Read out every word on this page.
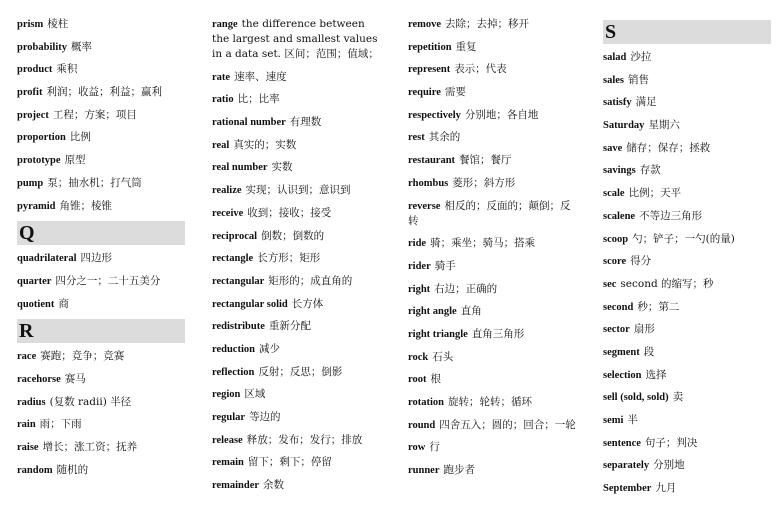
prism 棱柱
probability 概率
product 乘积
profit 利润；收益；利益；赢利
project 工程；方案；项目
proportion 比例
prototype 原型
pump 泵；抽水机；打气筒
pyramid 角锥；棱锥
Q
quadrilateral 四边形
quarter 四分之一；二十五美分
quotient 商
R
race 赛跑；竞争；竞赛
racehorse 赛马
radius (复数 radii) 半径
rain 雨；下雨
raise 增长；涨工资；抚养
random 随机的
range the difference between the largest and smallest values in a data set. 区间；范围；值域；
rate 速率、速度
ratio 比；比率
rational number 有理数
real 真实的；实数
real number 实数
realize 实现；认识到；意识到
receive 收到；接收；接受
reciprocal 倒数；倒数的
rectangle 长方形；矩形
rectangular 矩形的；成直角的
rectangular solid 长方体
redistribute 重新分配
reduction 减少
reflection 反射；反思；倒影
region 区域
regular 等边的
release 释放；发布；发行；排放
remain 留下；剩下；停留
remainder 余数
remove 去除；去掉；移开
repetition 重复
represent 表示；代表
require 需要
respectively 分别地；各自地
rest 其余的
restaurant 餐馆；餐厅
rhombus 菱形；斜方形
reverse 相反的；反面的；颠倒；反转
ride 骑；乘坐；骑马；搭乘
rider 骑手
right 右边；正确的
right angle 直角
right triangle 直角三角形
rock 石头
root 根
rotation 旋转；轮转；循环
round 四舍五入；圆的；回合；一轮
row 行
runner 跑步者
S
salad 沙拉
sales 销售
satisfy 满足
Saturday 星期六
save 储存；保存；拯救
savings 存款
scale 比例；天平
scalene 不等边三角形
scoop 勺；铲子；一勺(的量)
score 得分
sec second 的缩写；秒
second 秒；第二
sector 扇形
segment 段
selection 选择
sell (sold, sold) 卖
semi 半
sentence 句子；判决
separately 分别地
September 九月
